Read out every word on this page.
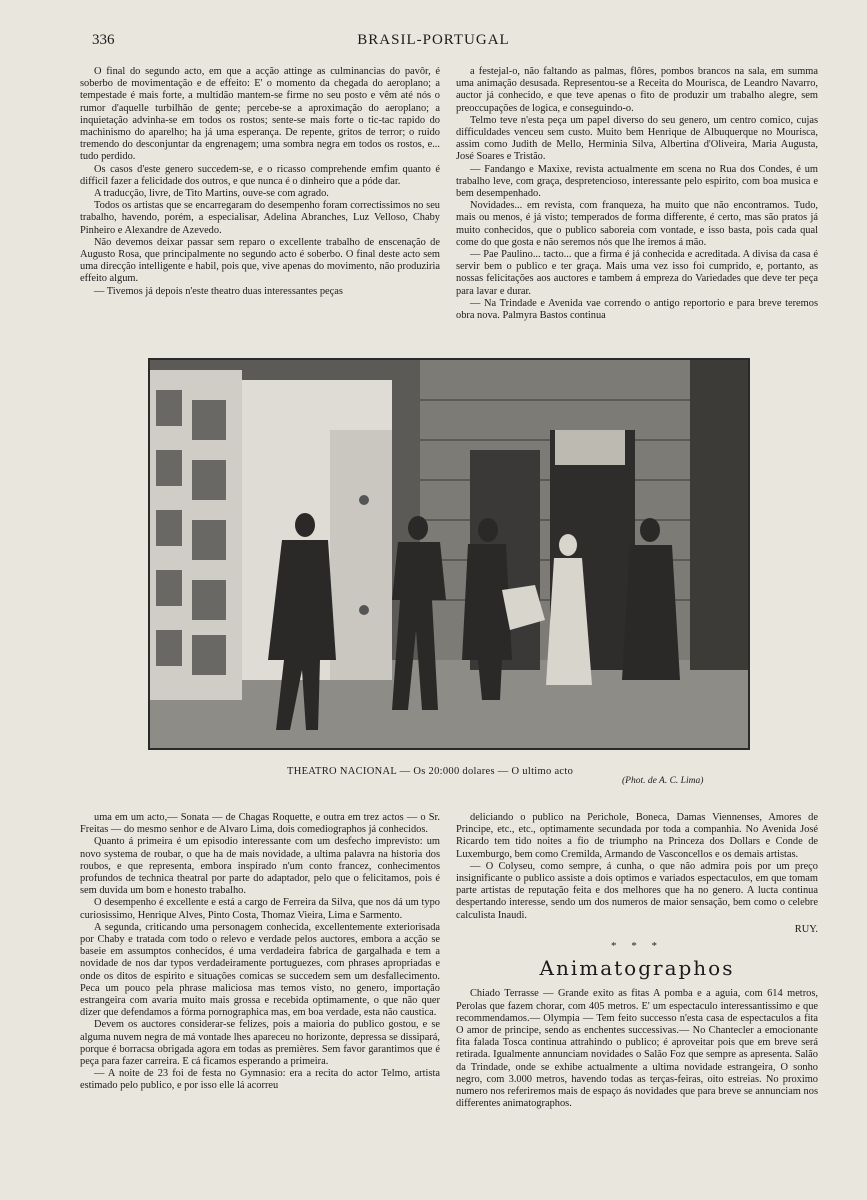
336	BRASIL-PORTUGAL

O final do segundo acto, em que a acção attinge as culminancias do pavôr, é soberbo de movimentação e de effeito: E' o momento da chegada do aeroplano; a tempestade é mais forte, a multidão mantem-se firme no seu posto e vêm até nós o rumor d'aquelle turbilhão de gente; percebe-se a aproximação do aeroplano; a inquietação advinha-se em todos os rostos; sente-se mais forte o tic-tac rapido do machinismo do aparelho; ha já uma esperança. De repente, gritos de terror; o ruido tremendo do desconjuntar da engrenagem; uma sombra negra em todos os rostos, e... tudo perdido.

Os casos d'este genero succedem-se, e o ricasso comprehende emfim quanto é difficil fazer a felicidade dos outros, e que nunca é o dinheiro que a póde dar.

A traducção, livre, de Tito Martins, ouve-se com agrado.

Todos os artistas que se encarregaram do desempenho foram correctissimos no seu trabalho, havendo, porém, a especialisar, Adelina Abranches, Luz Velloso, Chaby Pinheiro e Alexandre de Azevedo.

Não devemos deixar passar sem reparo o excellente trabalho de enscenação de Augusto Rosa, que principalmente no segundo acto é soberbo. O final deste acto sem uma direcção intelligente e habil, pois que, vive apenas do movimento, não produziria effeito algum.

— Tivemos já depois n'este theatro duas interessantes peças

a festejal-o, não faltando as palmas, flôres, pombos brancos na sala, em summa uma animação desusada. Representou-se a Receita do Mourisca, de Leandro Navarro, auctor já conhecido, e que teve apenas o fito de produzir um trabalho alegre, sem preoccupações de logica, e conseguindo-o.

Telmo teve n'esta peça um papel diverso do seu genero, um centro comico, cujas difficuldades venceu sem custo. Muito bem Henrique de Albuquerque no Mourisca, assim como Judith de Mello, Herminia Silva, Albertina d'Oliveira, Maria Augusta, José Soares e Tristão.

— Fandango e Maxixe, revista actualmente em scena no Rua dos Condes, é um trabalho leve, com graça, despretencioso, interessante pelo espirito, com boa musica e bem desempenhado.

Novidades... em revista, com franqueza, ha muito que não encontramos. Tudo, mais ou menos, é já visto; temperados de forma differente, é certo, mas são pratos já muito conhecidos, que o publico saboreia com vontade, e isso basta, pois cada qual come do que gosta e não seremos nós que lhe iremos á mão.

— Pae Paulino... tacto... que a firma é já conhecida e acreditada. A divisa da casa é servir bem o publico e ter graça. Mais uma vez isso foi cumprido, e, portanto, as nossas felicitações aos auctores e tambem á empreza do Variedades que deve ter peça para lavar e durar.

— Na Trindade e Avenida vae correndo o antigo reportorio e para breve teremos obra nova. Palmyra Bastos continua

THEATRO NACIONAL — Os 20:000 dolares — O ultimo acto
(Phot. de A. C. Lima)

uma em um acto,— Sonata — de Chagas Roquette, e outra em trez actos — o Sr. Freitas — do mesmo senhor e de Alvaro Lima, dois comediographos já conhecidos.

Quanto á primeira é um episodio interessante com um desfecho imprevisto: um novo systema de roubar, o que ha de mais novidade, a ultima palavra na historia dos roubos, e que representa, embora inspirado n'um conto francez, conhecimentos profundos de technica theatral por parte do adaptador, pelo que o felicitamos, pois é sem duvida um bom e honesto trabalho.

O desempenho é excellente e está a cargo de Ferreira da Silva, que nos dá um typo curiosissimo, Henrique Alves, Pinto Costa, Thomaz Vieira, Lima e Sarmento.

A segunda, criticando uma personagem conhecida, excellentemente exteriorisada por Chaby e tratada com todo o relevo e verdade pelos auctores, embora a acção se baseie em assumptos conhecidos, é uma verdadeira fabrica de gargalhada e tem a novidade de nos dar typos verdadeiramente portuguezes, com phrases apropriadas e onde os ditos de espirito e situações comicas se succedem sem um desfallecimento. Peca um pouco pela phrase maliciosa mas temos visto, no genero, importação estrangeira com avaria muito mais grossa e recebida optimamente, o que não quer dizer que defendamos a fórma pornographica mas, em boa verdade, esta não caustica.

Devem os auctores considerar-se felizes, pois a maioria do publico gostou, e se alguma nuvem negra de má vontade lhes apareceu no horizonte, depressa se dissipará, porque é borracsa obrigada agora em todas as premières. Sem favor garantimos que é peça para fazer carreira. E cá ficamos esperando a primeira.

— A noite de 23 foi de festa no Gymnasio: era a recita do actor Telmo, artista estimado pelo publico, e por isso elle lá acorreu

deliciando o publico na Perichole, Boneca, Damas Viennenses, Amores de Principe, etc., etc., optimamente secundada por toda a companhia. No Avenida José Ricardo tem tido noites a fio de triumpho na Princeza dos Dollars e Conde de Luxemburgo, bem como Cremilda, Armando de Vasconcellos e os demais artistas.

— O Colyseu, como sempre, á cunha, o que não admira pois por um preço insignificante o publico assiste a dois optimos e variados espectaculos, em que tomam parte artistas de reputação feita e dos melhores que ha no genero. A lucta continua despertando interesse, sendo um dos numeros de maior sensação, bem como o celebre calculista Inaudi.

RUY.
* * *
Animatographos

Chiado Terrasse — Grande exito as fitas A pomba e a aguia, com 614 metros, Perolas que fazem chorar, com 405 metros. E' um espectaculo interessantissimo e que recommendamos.— Olympia — Tem feito successo n'esta casa de espectaculos a fita O amor de principe, sendo as enchentes successivas.— No Chantecler a emocionante fita falada Tosca continua attrahindo o publico; é aproveitar pois que em breve será retirada. Igualmente annunciam novidades o Salão Foz que sempre as apresenta. Salão da Trindade, onde se exhibe actualmente a ultima novidade estrangeira, O sonho negro, com 3.000 metros, havendo todas as terças-feiras, oito estreias. No proximo numero nos referiremos mais de espaço ás novidades que para breve se annunciam nos differentes animatographos.
